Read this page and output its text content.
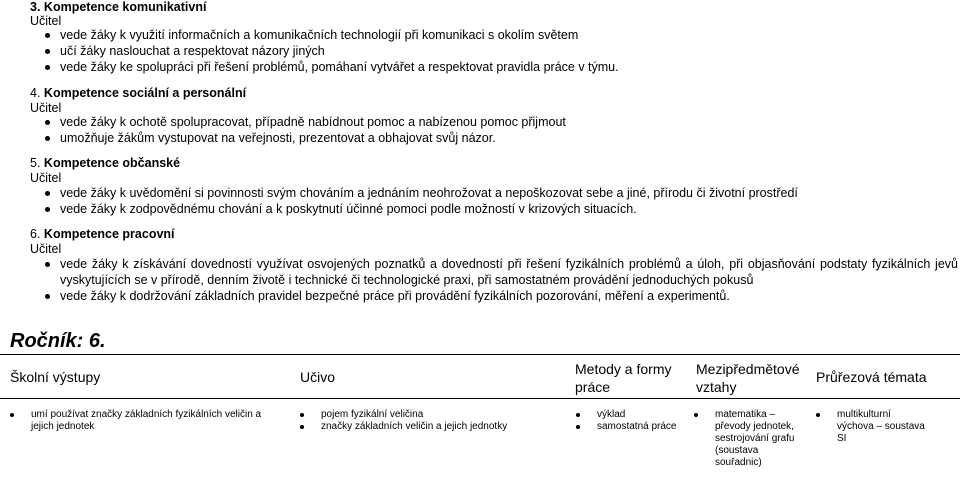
3. Kompetence komunikativní
Učitel
vede žáky k využití informačních a komunikačních technologií při komunikaci s okolím světem
učí žáky naslouchat a respektovat názory jiných
vede žáky ke spolupráci při řešení problémů, pomáhaní vytvářet a respektovat pravidla práce v týmu.
4. Kompetence sociální a personální
Učitel
vede žáky k ochotě spolupracovat, případně nabídnout pomoc a nabízenou pomoc přijmout
umožňuje žákům vystupovat na veřejnosti, prezentovat a obhajovat svůj názor.
5. Kompetence občanské
Učitel
vede žáky k uvědomění si povinnosti svým chováním a jednáním neohrožovat a nepoškozovat sebe a jiné, přírodu či životní prostředí
vede žáky k zodpovědnému chování a k poskytnutí účinné pomoci podle možností v krizových situacích.
6. Kompetence pracovní
Učitel
vede žáky k získávání dovedností využívat osvojených poznatků a dovedností při řešení fyzikálních problémů a úloh, při objasňování podstaty fyzikálních jevů vyskytujících se v přírodě, denním životě i technické či technologické praxi, při samostatném provádění jednoduchých pokusů
vede žáky k dodržování základních pravidel bezpečné práce při provádění fyzikálních pozorování, měření a experimentů.
Ročník: 6.
Školní výstupy	Učivo	Metody a formy práce
Mezipředmětové vztahy
Průřezová témata
umí používat značky základních fyzikálních veličin a jejich jednotek
pojem fyzikální veličina
značky základních veličin a jejich jednotky
výklad
samostatná práce
matematika – převody jednotek, sestrojování grafu (soustava souřadnic)
multikulturní výchova – soustava SI
